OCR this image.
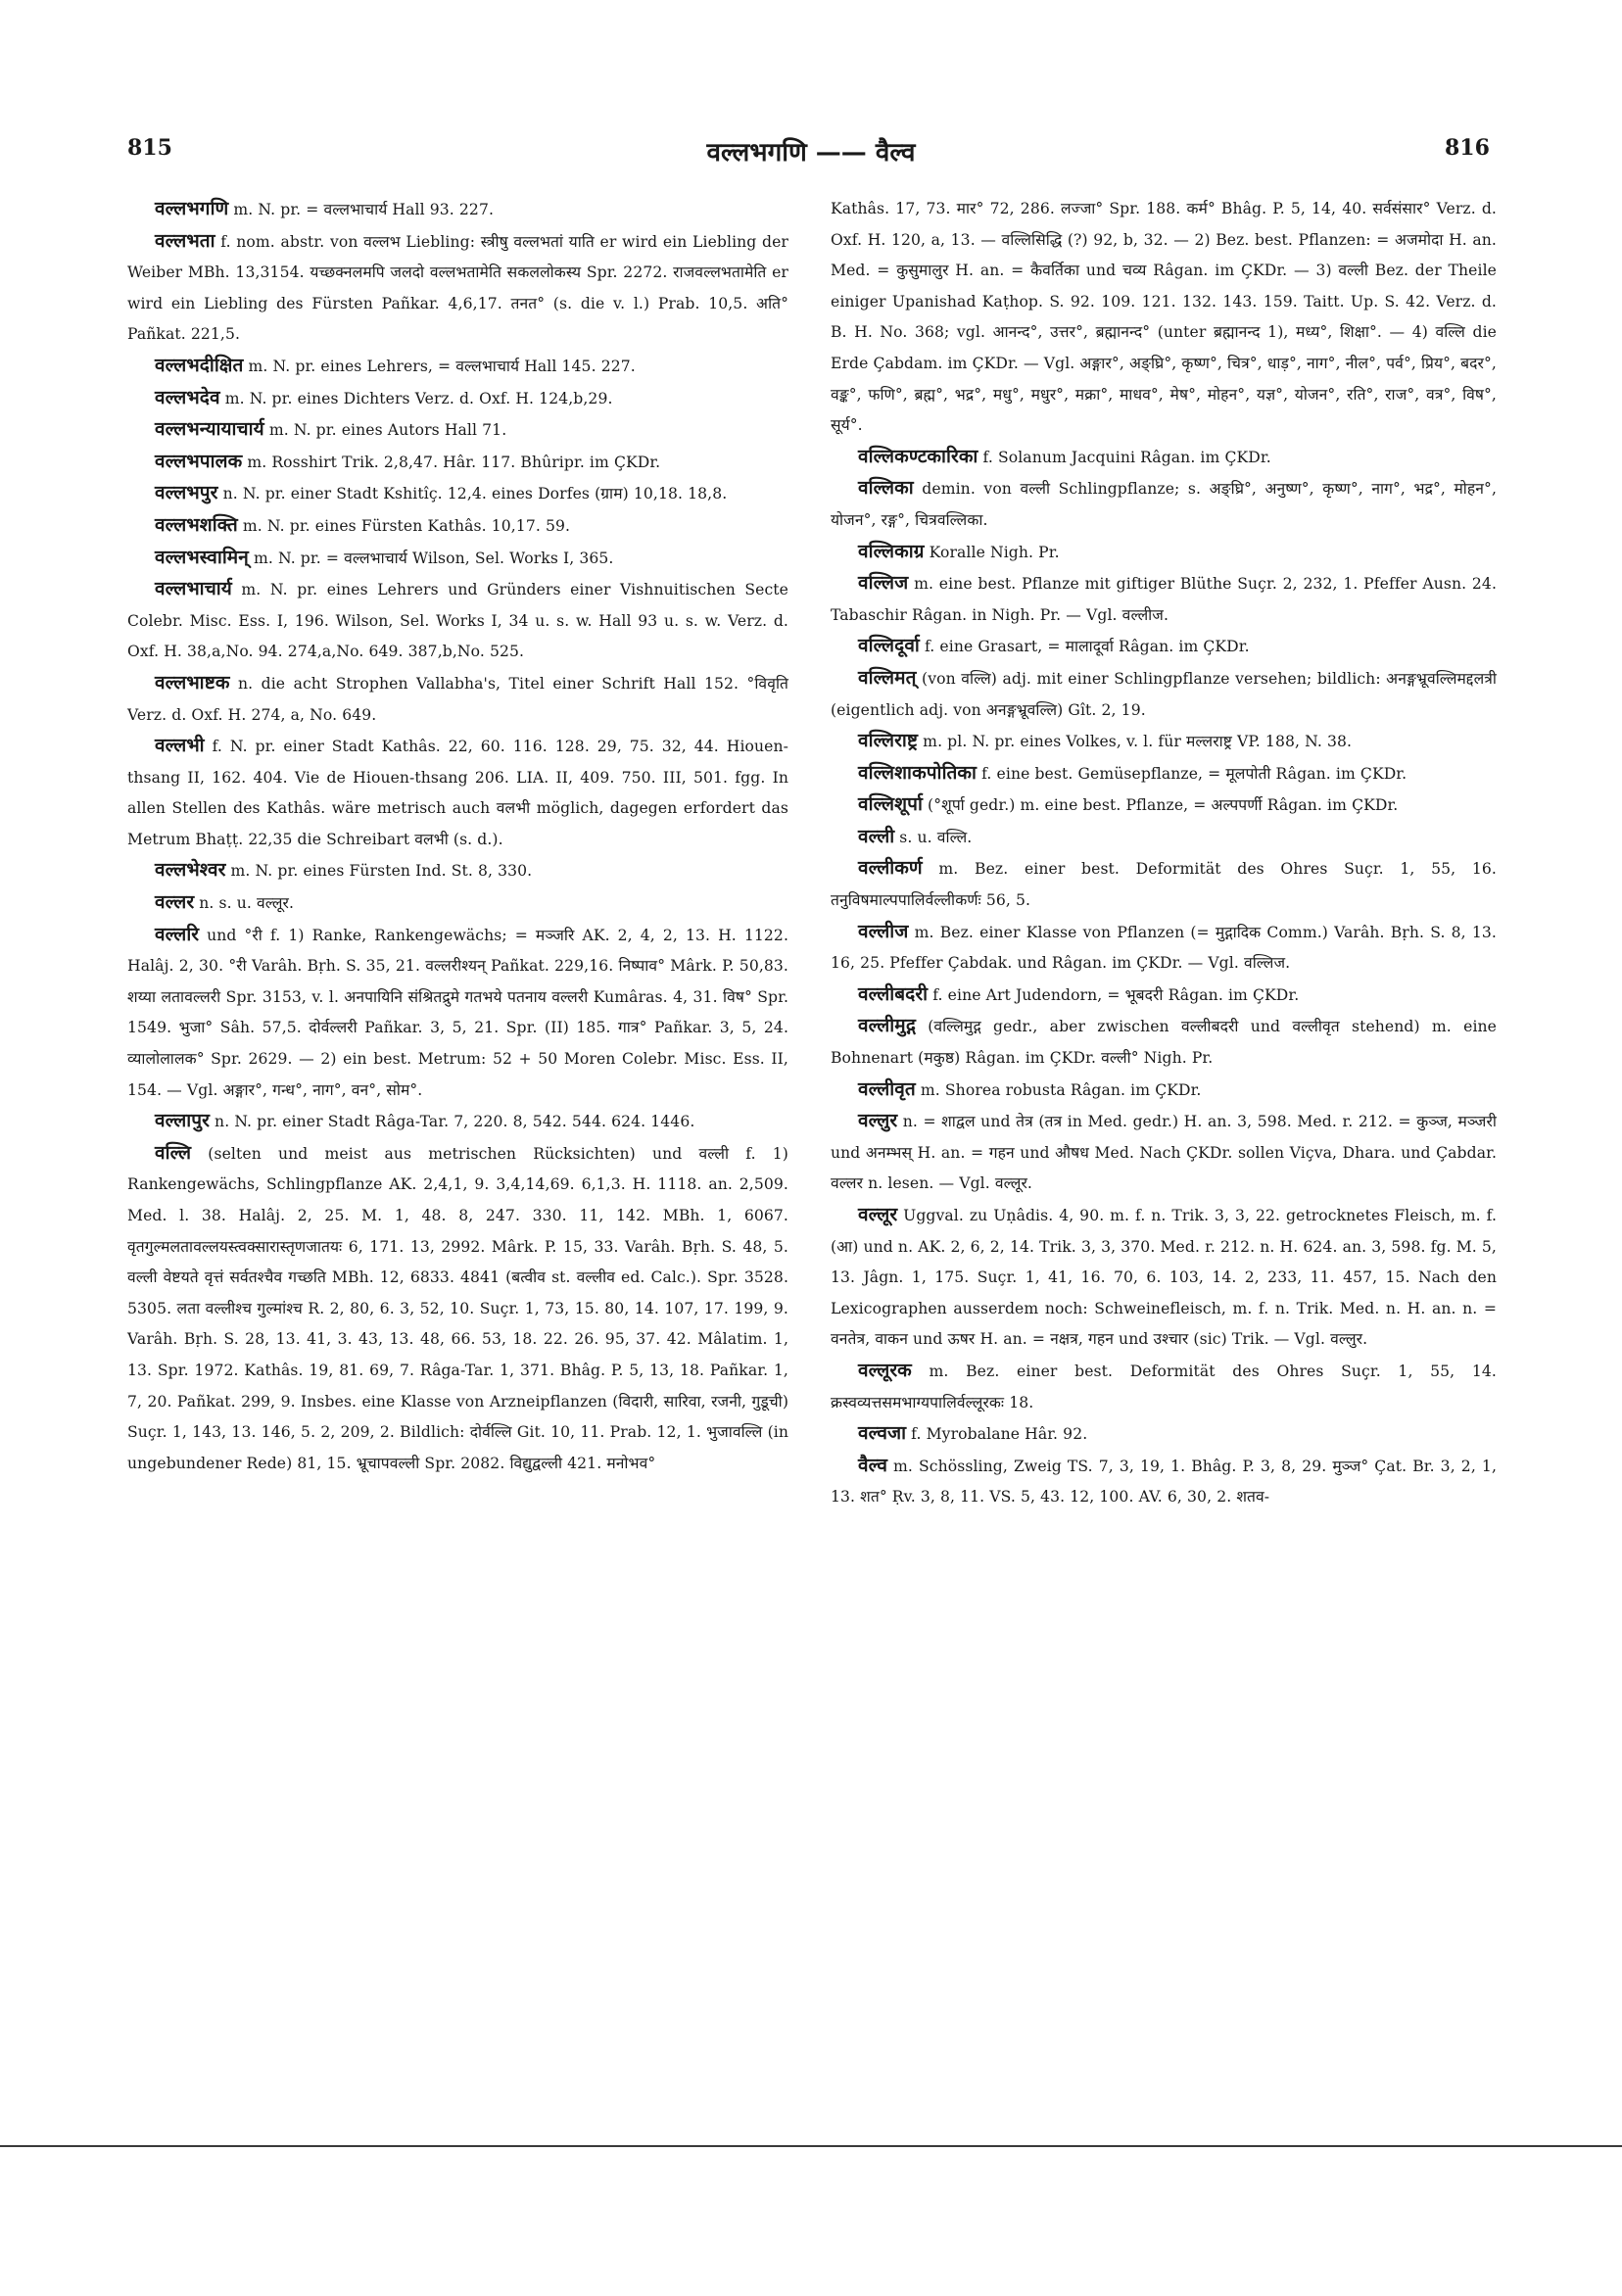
815	वल्लभगणि —— वैल्व	816

वल्लभगणि m. N. pr. = वल्लभाचार्य Hall 93. 227.

वल्लभता f. nom. abstr. von वल्लभ Liebling: स्त्रीषु वल्लभतां याति er wird ein Liebling der Weiber MBh. 13,3154. यच्छक्नलमपि जलदो वल्लभतामेति सकललोकस्य Spr. 2272. राजवल्लभतामेति er wird ein Liebling des Fürsten Pañkar. 4,6,17. तनत° (s. die v. l.) Prab. 10,5. अति° Pañkat. 221,5.

वल्लभदीक्षित m. N. pr. eines Lehrers, = वल्लभाचार्य Hall 145. 227.

वल्लभदेव m. N. pr. eines Dichters Verz. d. Oxf. H. 124,b,29.

वल्लभन्यायाचार्य m. N. pr. eines Autors Hall 71.

वल्लभपालक m. Rosshirt Trik. 2,8,47. Hâr. 117. Bhûripr. im ÇKDr.

वल्लभपुर n. N. pr. einer Stadt Kshitîç. 12,4. eines Dorfes (ग्राम) 10,18. 18,8.

वल्लभशक्ति m. N. pr. eines Fürsten Kathâs. 10,17. 59.

वल्लभस्वामिन् m. N. pr. = वल्लभाचार्य Wilson, Sel. Works I, 365.

वल्लभाचार्य m. N. pr. eines Lehrers und Gründers einer Vishnuitischen Secte Colebr. Misc. Ess. I, 196. Wilson, Sel. Works I, 34 u. s. w. Hall 93 u. s. w. Verz. d. Oxf. H. 38,a,No. 94. 274,a,No. 649. 387,b,No. 525.

वल्लभाष्टक n. die acht Strophen Vallabha's, Titel einer Schrift Hall 152. °विवृति Verz. d. Oxf. H. 274, a, No. 649.

वल्लभी f. N. pr. einer Stadt Kathâs. 22, 60. 116. 128. 29, 75. 32, 44. Hiouen-thsang II, 162. 404. Vie de Hiouen-thsang 206. LIA. II, 409. 750. III, 501. fgg. In allen Stellen des Kathâs. wäre metrisch auch वलभी möglich, dagegen erfordert das Metrum Bhaṭṭ. 22,35 die Schreibart वलभी (s. d.).

वल्लभेश्वर m. N. pr. eines Fürsten Ind. St. 8, 330.

वल्लर n. s. u. वल्लूर.

वल्लरि und °री f. 1) Ranke, Rankengewächs; = मञ्जरि AK. 2, 4, 2, 13. H. 1122. Halâj. 2, 30. °री Varâh. Bṛh. S. 35, 21. वल्लरीश्यन् Pañkat. 229,16. निष्पाव° Mârk. P. 50,83. शय्या लतावल्लरी Spr. 3153, v. l. अनपायिनि संश्रितद्रुमे गतभये पतनाय वल्लरी Kumâras. 4, 31. विष° Spr. 1549. भुजा° Sâh. 57,5. दोर्वल्लरी Pañkar. 3, 5, 21. Spr. (II) 185. गात्र° Pañkar. 3, 5, 24. व्यालोलालक° Spr. 2629. — 2) ein best. Metrum: 52 + 50 Moren Colebr. Misc. Ess. II, 154. — Vgl. अङ्गार°, गन्ध°, नाग°, वन°, सोम°.

वल्लापुर n. N. pr. einer Stadt Râga-Tar. 7, 220. 8, 542. 544. 624. 1446.

वल्लि (selten und meist aus metrischen Rücksichten) und वल्ली f. 1) Rankengewächs, Schlingpflanze AK. 2,4,1, 9. 3,4,14,69. 6,1,3. H. 1118. an. 2,509. Med. l. 38. Halâj. 2, 25. M. 1, 48. 8, 247. 330. 11, 142. MBh. 1, 6067. वृतगुल्मलतावल्लयस्त्वक्सारास्तृणजातयः 6, 171. 13, 2992. Mârk. P. 15, 33. Varâh. Bṛh. S. 48, 5. वल्ली वेष्टयते वृत्तं सर्वतश्चैव गच्छति MBh. 12, 6833. 4841 (बत्वीव st. वल्लीव ed. Calc.). Spr. 3528. 5305. लता वल्लीश्च गुल्मांश्च R. 2, 80, 6. 3, 52, 10. Suçr. 1, 73, 15. 80, 14. 107, 17. 199, 9. Varâh. Bṛh. S. 28, 13. 41, 3. 43, 13. 48, 66. 53, 18. 22. 26. 95, 37. 42. Mâlatim. 1, 13. Spr. 1972. Kathâs. 19, 81. 69, 7. Râga-Tar. 1, 371. Bhâg. P. 5, 13, 18. Pañkar. 1, 7, 20. Pañkat. 299, 9. Insbes. eine Klasse von Arzneipflanzen (विदारी, सारिवा, रजनी, गुडूची) Suçr. 1, 143, 13. 146, 5. 2, 209, 2. Bildlich: दोर्वल्लि Git. 10, 11. Prab. 12, 1. भुजावल्लि (in ungebundener Rede) 81, 15. भ्रूचापवल्ली Spr. 2082. विद्युद्वल्ली 421. मनोभव°

Kathâs. 17, 73. मार° 72, 286. लज्जा° Spr. 188. कर्म° Bhâg. P. 5, 14, 40. सर्वसंसार° Verz. d. Oxf. H. 120, a, 13. — वल्लिसिद्धि (?) 92, b, 32. — 2) Bez. best. Pflanzen: = अजमोदा H. an. Med. = कुसुमालुर H. an. = कैवर्तिका und चव्य Râgan. im ÇKDr. — 3) वल्ली Bez. der Theile einiger Upanishad Kaṭhop. S. 92. 109. 121. 132. 143. 159. Taitt. Up. S. 42. Verz. d. B. H. No. 368; vgl. आनन्द°, उत्तर°, ब्रह्मानन्द° (unter ब्रह्मानन्द 1), मध्य°, शिक्षा°. — 4) वल्लि die Erde Çabdam. im ÇKDr. — Vgl. अङ्गार°, अङ्घ्रि°, कृष्ण°, चित्र°, धाड़°, नाग°, नील°, पर्व°, प्रिय°, बदर°, वङ्क°, फणि°, ब्रह्म°, भद्र°, मधु°, मधुर°, मक्रा°, माधव°, मेष°, मोहन°, यज्ञ°, योजन°, रति°, राज°, वत्र°, विष°, सूर्य°.

वल्लिकण्टकारिका f. Solanum Jacquini Râgan. im ÇKDr.

वल्लिका demin. von वल्ली Schlingpflanze; s. अङ्घ्रि°, अनुष्ण°, कृष्ण°, नाग°, भद्र°, मोहन°, योजन°, रङ्ग°, चित्रवल्लिका.

वल्लिकाग्र Koralle Nigh. Pr.

वल्लिज m. eine best. Pflanze mit giftiger Blüthe Suçr. 2, 232, 1. Pfeffer Ausn. 24. Tabaschir Râgan. in Nigh. Pr. — Vgl. वल्लीज.

वल्लिदूर्वा f. eine Grasart, = मालादूर्वा Râgan. im ÇKDr.

वल्लिमत् (von वल्लि) adj. mit einer Schlingpflanze versehen; bildlich: अनङ्गभ्रूवल्लिमद्दलत्री (eigentlich adj. von अनङ्गभ्रूवल्लि) Gît. 2, 19.

वल्लिराष्ट्र m. pl. N. pr. eines Volkes, v. l. für मल्लराष्ट्र VP. 188, N. 38.

वल्लिशाकपोतिका f. eine best. Gemüsepflanze, = मूलपोती Râgan. im ÇKDr.

वल्लिशूर्पा (°शूर्पा gedr.) m. eine best. Pflanze, = अल्पपर्णी Râgan. im ÇKDr.

वल्ली s. u. वल्लि.

वल्लीकर्ण m. Bez. einer best. Deformität des Ohres Suçr. 1, 55, 16. तनुविषमाल्पपालिर्वल्लीकर्णः 56, 5.

वल्लीज m. Bez. einer Klasse von Pflanzen (= मुद्गादिक Comm.) Varâh. Bṛh. S. 8, 13. 16, 25. Pfeffer Çabdak. und Râgan. im ÇKDr. — Vgl. वल्लिज.

वल्लीबदरी f. eine Art Judendorn, = भूबदरी Râgan. im ÇKDr.

वल्लीमुद्ग (वल्लिमुद्ग gedr., aber zwischen वल्लीबदरी und वल्लीवृत stehend) m. eine Bohnenart (मकुष्ठ) Râgan. im ÇKDr. वल्ली° Nigh. Pr.

वल्लीवृत m. Shorea robusta Râgan. im ÇKDr.

वल्लुर n. = शाद्वल und तेत्र (तत्र in Med. gedr.) H. an. 3, 598. Med. r. 212. = कुञ्ज, मञ्जरी und अनम्भस् H. an. = गहन und औषध Med. Nach ÇKDr. sollen Viçva, Dhara. und Çabdar. वल्लर n. lesen. — Vgl. वल्लूर.

वल्लूर Uggval. zu Uṇâdis. 4, 90. m. f. n. Trik. 3, 3, 22. getrocknetes Fleisch, m. f. (आ) und n. AK. 2, 6, 2, 14. Trik. 3, 3, 370. Med. r. 212. n. H. 624. an. 3, 598. fg. M. 5, 13. Jâgn. 1, 175. Suçr. 1, 41, 16. 70, 6. 103, 14. 2, 233, 11. 457, 15. Nach den Lexicographen ausserdem noch: Schweinefleisch, m. f. n. Trik. Med. n. H. an. n. = वनतेत्र, वाकन und ऊषर H. an. = नक्षत्र, गहन und उश्चार (sic) Trik. — Vgl. वल्लुर.

वल्लूरक m. Bez. einer best. Deformität des Ohres Suçr. 1, 55, 14. क्रस्वव्यत्तसमभाग्यपालिर्वल्लूरकः 18.

वल्वजा f. Myrobalane Hâr. 92.

वैल्व m. Schössling, Zweig TS. 7, 3, 19, 1. Bhâg. P. 3, 8, 29. मुञ्ज° Çat. Br. 3, 2, 1, 13. शत° Ṛv. 3, 8, 11. VS. 5, 43. 12, 100. AV. 6, 30, 2. शतव-
